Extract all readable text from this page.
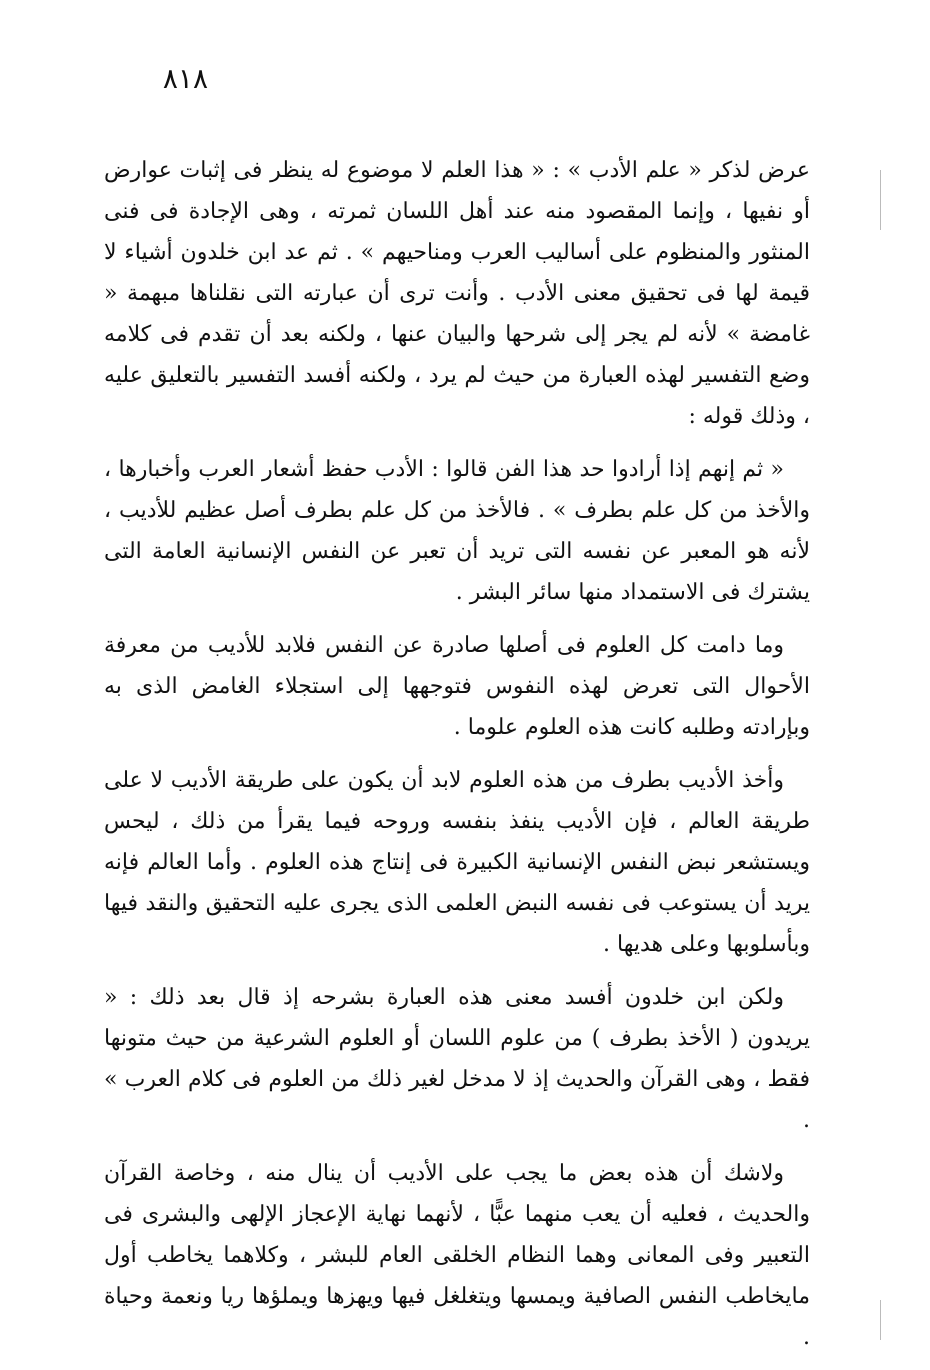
٨١٨

عرض لذكر « علم الأدب » : « هذا العلم لا موضوع له ينظر فى إثبات عوارض أو نفيها ، وإنما المقصود منه عند أهل اللسان ثمرته ، وهى الإجادة فى فنى المنثور والمنظوم على أساليب العرب ومناحيهم » . ثم عد ابن خلدون أشياء لا قيمة لها فى تحقيق معنى الأدب . وأنت ترى أن عبارته التى نقلناها مبهمة « غامضة » لأنه لم يجر إلى شرحها والبيان عنها ، ولكنه بعد أن تقدم فى كلامه وضع التفسير لهذه العبارة من حيث لم يرد ، ولكنه أفسد التفسير بالتعليق عليه ، وذلك قوله :

« ثم إنهم إذا أرادوا حد هذا الفن قالوا : الأدب حفظ أشعار العرب وأخبارها ، والأخذ من كل علم بطرف » . فالأخذ من كل علم بطرف أصل عظيم للأديب ، لأنه هو المعبر عن نفسه التى تريد أن تعبر عن النفس الإنسانية العامة التى يشترك فى الاستمداد منها سائر البشر .

وما دامت كل العلوم فى أصلها صادرة عن النفس فلابد للأديب من معرفة الأحوال التى تعرض لهذه النفوس فتوجهها إلى استجلاء الغامض الذى به وبإرادته وطلبه كانت هذه العلوم علوما .

وأخذ الأديب بطرف من هذه العلوم لابد أن يكون على طريقة الأديب لا على طريقة العالم ، فإن الأديب ينفذ بنفسه وروحه فيما يقرأ من ذلك ، ليحس ويستشعر نبض النفس الإنسانية الكبيرة فى إنتاج هذه العلوم . وأما العالم فإنه يريد أن يستوعب فى نفسه النبض العلمى الذى يجرى عليه التحقيق والنقد فيها وبأسلوبها وعلى هديها .

ولكن ابن خلدون أفسد معنى هذه العبارة بشرحه إذ قال بعد ذلك : « يريدون ( الأخذ بطرف ) من علوم اللسان أو العلوم الشرعية من حيث متونها فقط ، وهى القرآن والحديث إذ لا مدخل لغير ذلك من العلوم فى كلام العرب » .

ولاشك أن هذه بعض ما يجب على الأديب أن ينال منه ، وخاصة القرآن والحديث ، فعليه أن يعب منهما عبًّا ، لأنهما نهاية الإعجاز الإلهى والبشرى فى التعبير وفى المعانى وهما النظام الخلقى العام للبشر ، وكلاهما يخاطب أول مايخاطب النفس الصافية ويمسها ويتغلغل فيها ويهزها ويملؤها ريا ونعمة وحياة .
